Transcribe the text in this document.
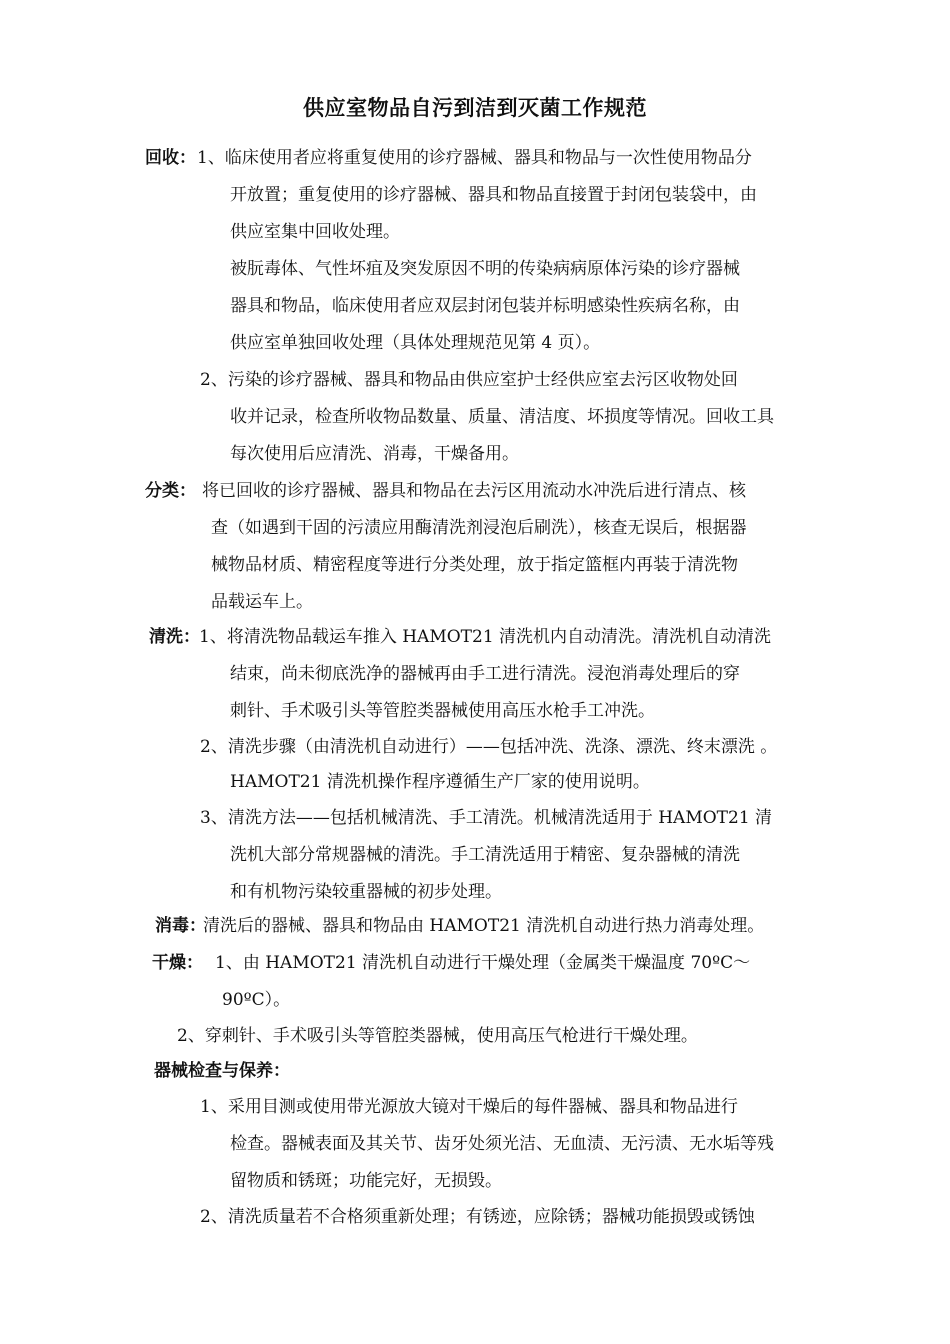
供应室物品自污到洁到灭菌工作规范
回收： 1、临床使用者应将重复使用的诊疗器械、器具和物品与一次性使用物品分
开放置；重复使用的诊疗器械、器具和物品直接置于封闭包装袋中，由
供应室集中回收处理。
被朊毒体、气性坏疽及突发原因不明的传染病病原体污染的诊疗器械
器具和物品，临床使用者应双层封闭包装并标明感染性疾病名称，由
供应室单独回收处理（具体处理规范见第 4 页）。
2、污染的诊疗器械、器具和物品由供应室护士经供应室去污区收物处回
收并记录，检查所收物品数量、质量、清洁度、坏损度等情况。回收工具
每次使用后应清洗、消毒，干燥备用。
分类： 将已回收的诊疗器械、器具和物品在去污区用流动水冲洗后进行清点、核
查（如遇到干固的污渍应用酶清洗剂浸泡后刷洗），核查无误后，根据器
械物品材质、精密程度等进行分类处理，放于指定篮框内再装于清洗物
品载运车上。
清洗： 1、将清洗物品载运车推入 HAMOT21 清洗机内自动清洗。清洗机自动清洗
结束，尚未彻底洗净的器械再由手工进行清洗。浸泡消毒处理后的穿
刺针、手术吸引头等管腔类器械使用高压水枪手工冲洗。
2、清洗步骤（由清洗机自动进行）——包括冲洗、洗涤、漂洗、终末漂洗 。
HAMOT21 清洗机操作程序遵循生产厂家的使用说明。
3、清洗方法——包括机械清洗、手工清洗。机械清洗适用于 HAMOT21 清
洗机大部分常规器械的清洗。手工清洗适用于精密、复杂器械的清洗
和有机物污染较重器械的初步处理。
消毒：
清洗后的器械、器具和物品由 HAMOT21 清洗机自动进行热力消毒处理。
干燥： 1、由 HAMOT21 清洗机自动进行干燥处理（金属类干燥温度 70ºC～
90ºC）。
2、穿刺针、手术吸引头等管腔类器械，使用高压气枪进行干燥处理。
器械检查与保养：
1、采用目测或使用带光源放大镜对干燥后的每件器械、器具和物品进行
检查。器械表面及其关节、齿牙处须光洁、无血渍、无污渍、无水垢等残
留物质和锈斑；功能完好，无损毁。
2、清洗质量若不合格须重新处理；有锈迹，应除锈；器械功能损毁或锈蚀
